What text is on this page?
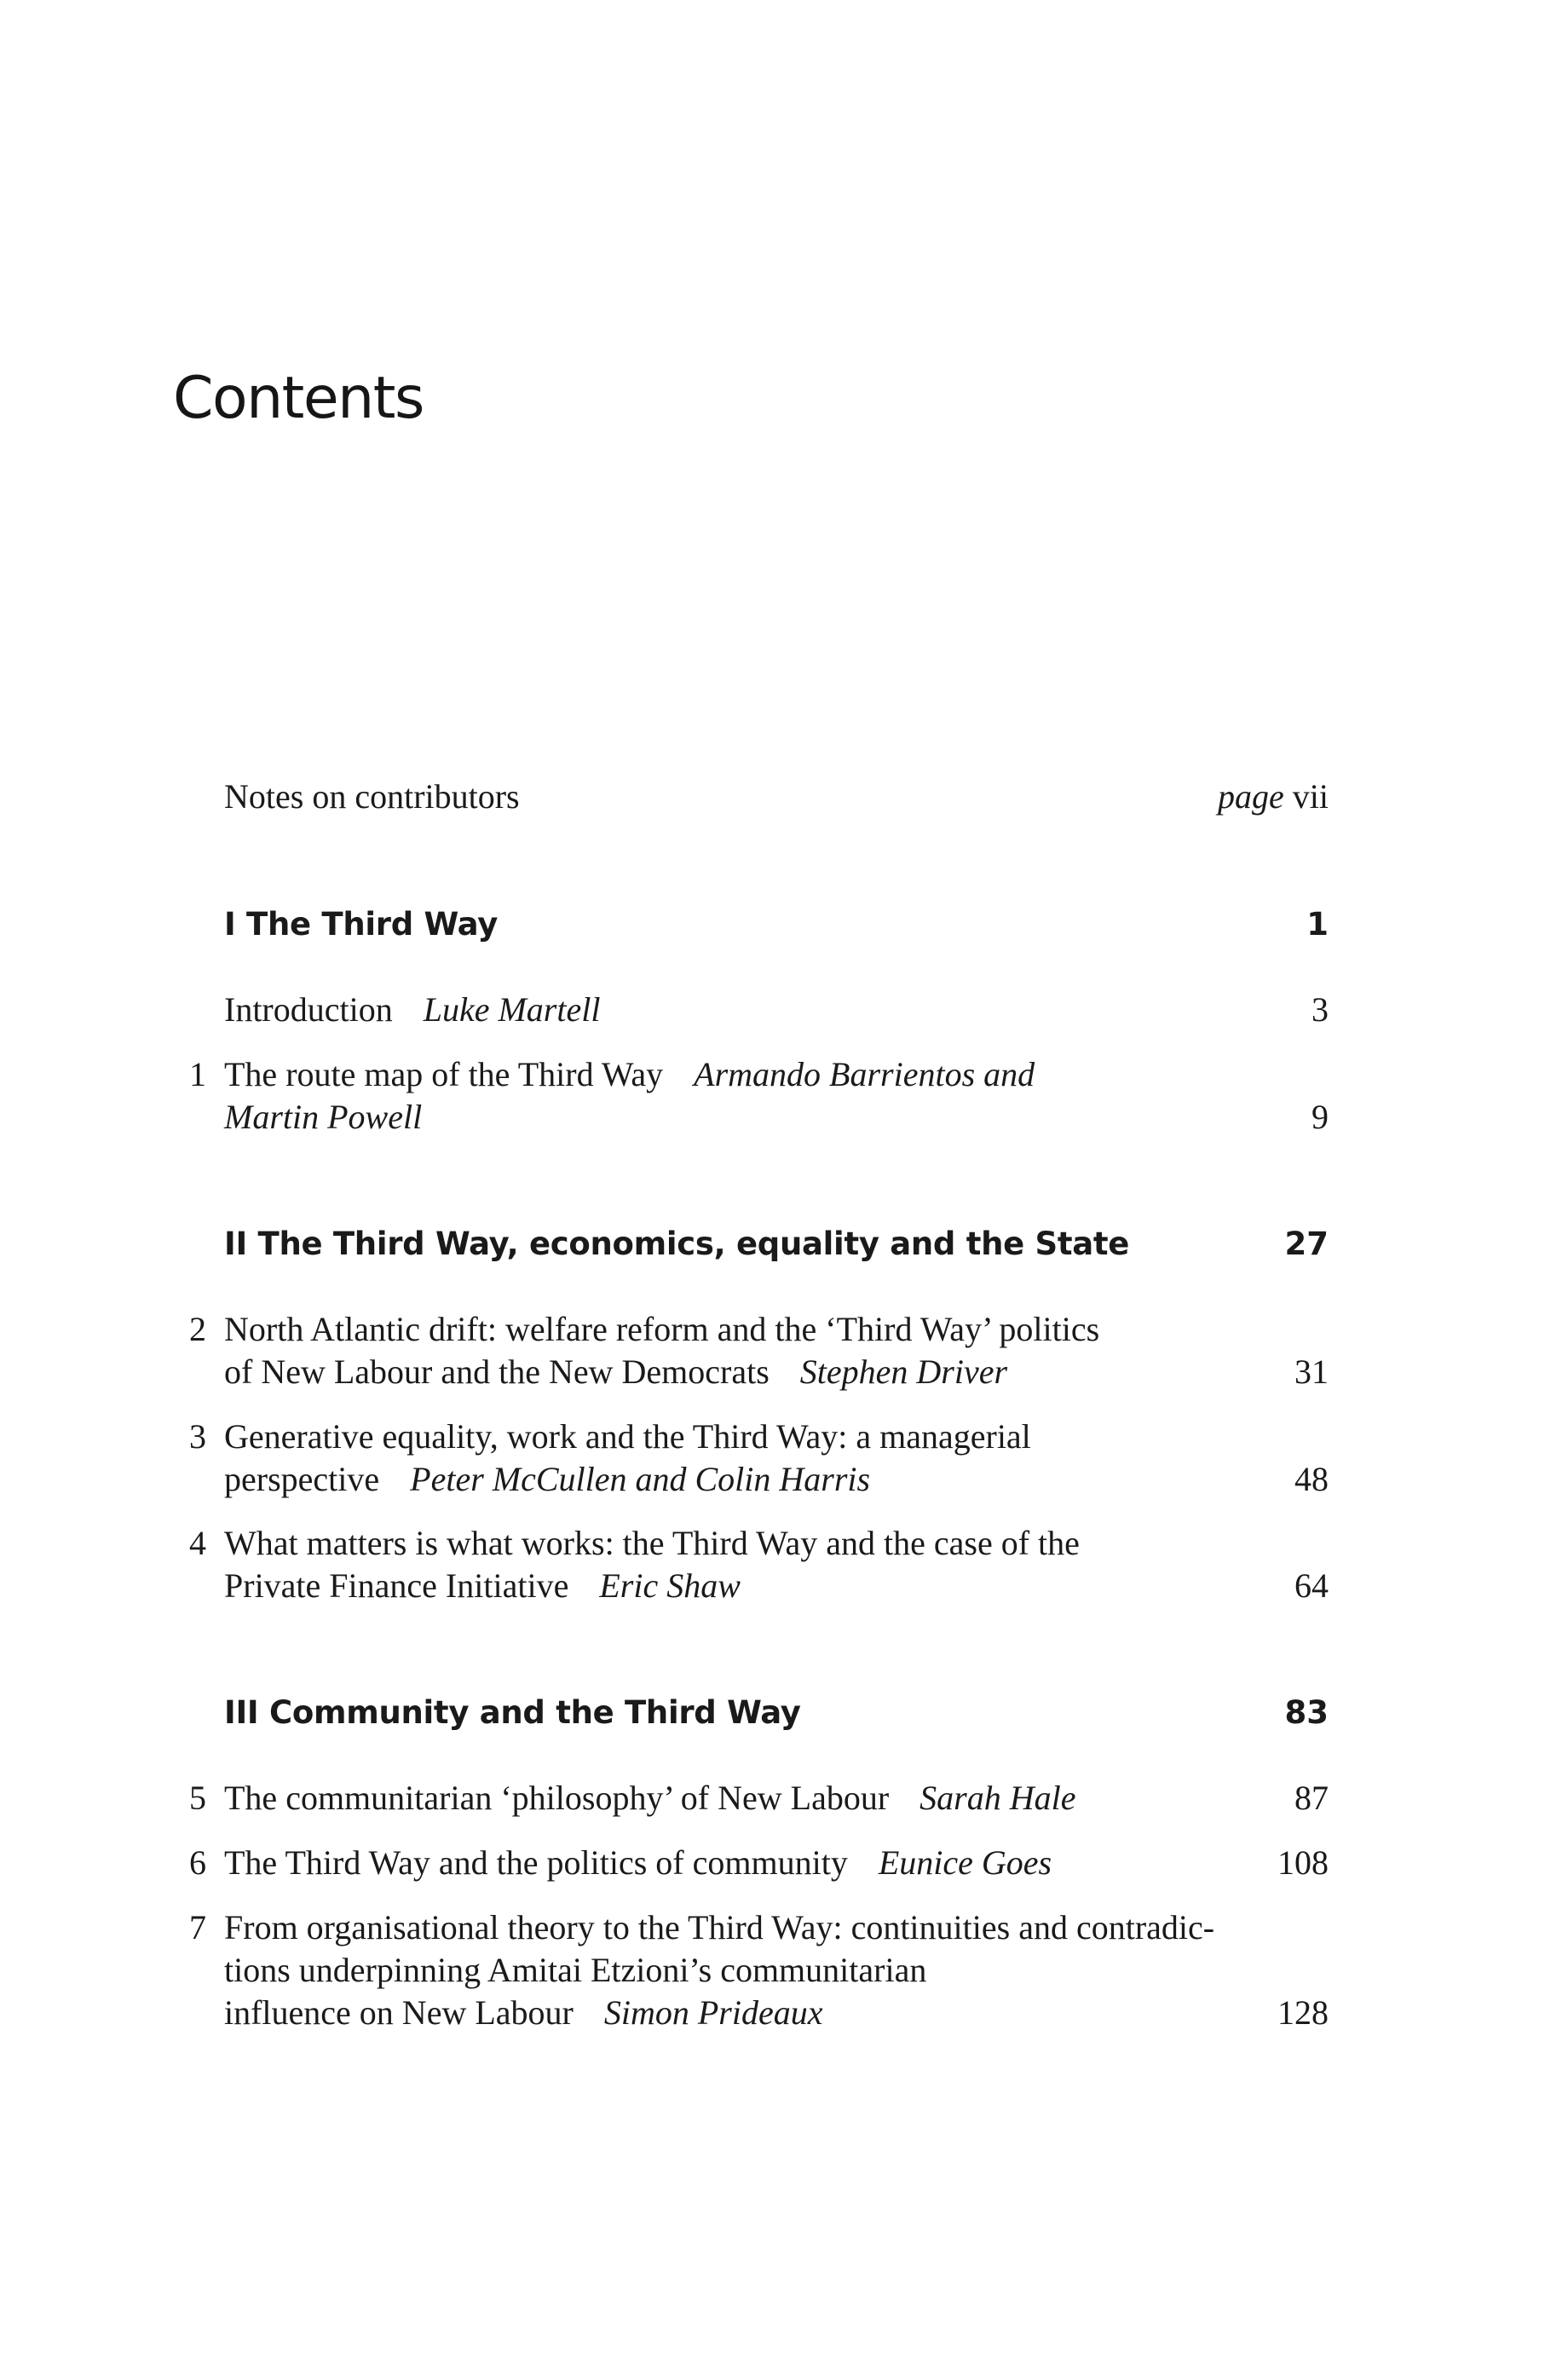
Contents
Notes on contributors	page vii
I The Third Way	1
Introduction Luke Martell	3
1 The route map of the Third Way Armando Barrientos and
Martin Powell	9
II The Third Way, economics, equality and the State	27
2 North Atlantic drift: welfare reform and the ‘Third Way’ politics
of New Labour and the New Democrats Stephen Driver	31
3 Generative equality, work and the Third Way: a managerial
perspective Peter McCullen and Colin Harris	48
4 What matters is what works: the Third Way and the case of the
Private Finance Initiative Eric Shaw	64
III Community and the Third Way	83
5 The communitarian ‘philosophy’ of New Labour Sarah Hale	87
6 The Third Way and the politics of community Eunice Goes	108
7 From organisational theory to the Third Way: continuities and contradic-
tions underpinning Amitai Etzioni’s communitarian
influence on New Labour Simon Prideaux	128
